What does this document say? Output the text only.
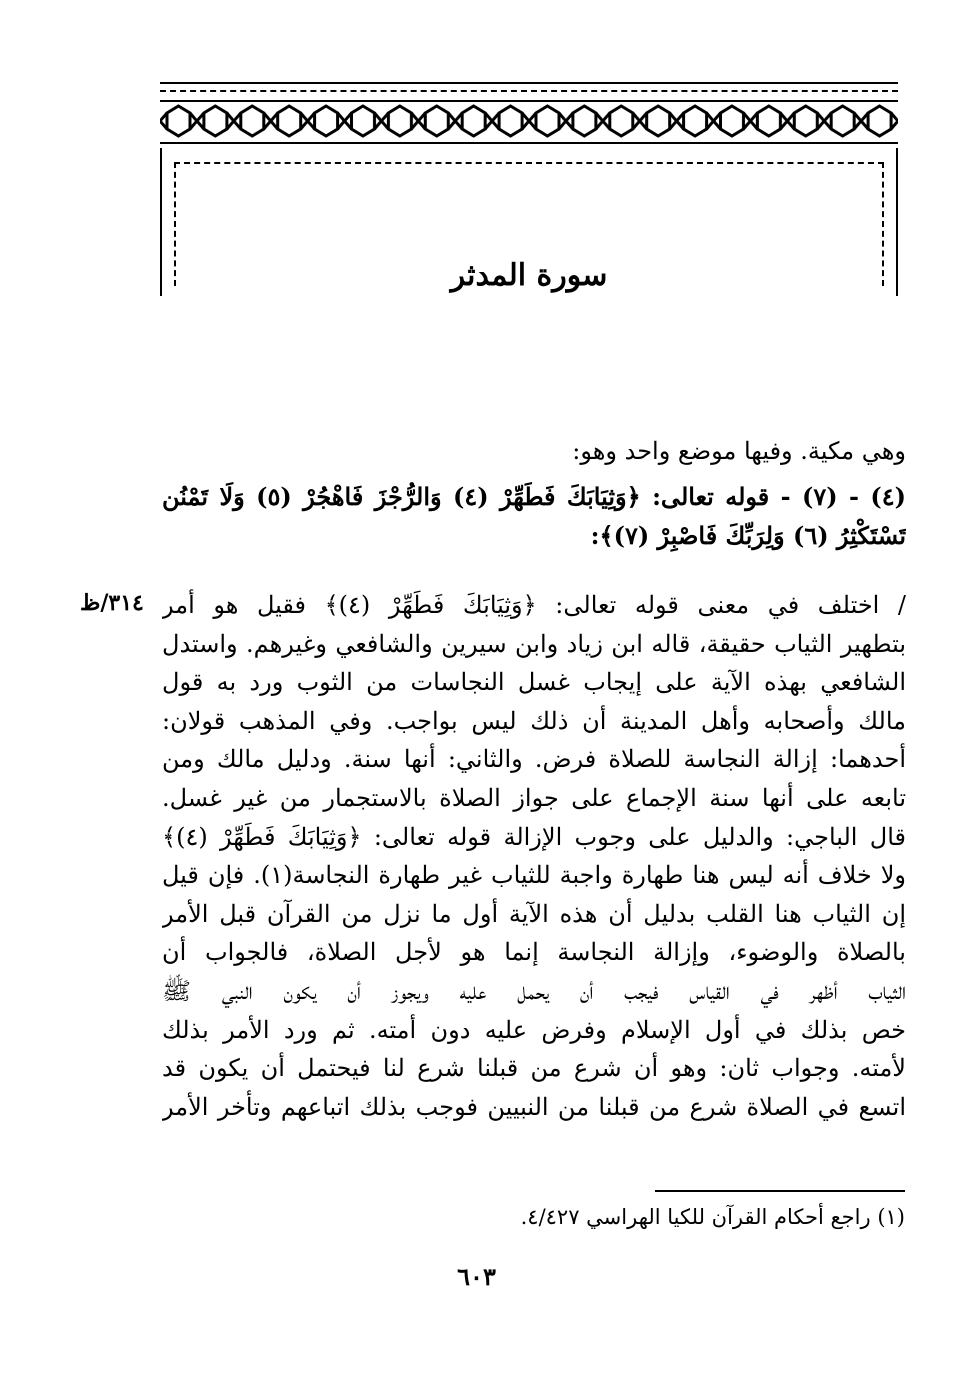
سورة المدثر
وهي مكية. وفيها موضع واحد وهو:
(٤) - (٧) - قوله تعالى: ﴿وَثِيَابَكَ فَطَهِّرْ (٤) وَالرُّجْزَ فَاهْجُرْ (٥) وَلَا تَمْنُن
تَسْتَكْثِرُ (٦) وَلِرَبِّكَ فَاصْبِرْ (٧)﴾:
٣١٤/ظ / اختلف في معنى قوله تعالى: ﴿وَثِيَابَكَ فَطَهِّرْ (٤)﴾ فقيل هو أمر
بتطهير الثياب حقيقة، قاله ابن زياد وابن سيرين والشافعي وغيرهم. واستدل
الشافعي بهذه الآية على إيجاب غسل النجاسات من الثوب ورد به قول
مالك وأصحابه وأهل المدينة أن ذلك ليس بواجب. وفي المذهب قولان:
أحدهما: إزالة النجاسة للصلاة فرض. والثاني: أنها سنة. ودليل مالك ومن
تابعه على أنها سنة الإجماع على جواز الصلاة بالاستجمار من غير غسل.
قال الباجي: والدليل على وجوب الإزالة قوله تعالى: ﴿وَثِيَابَكَ فَطَهِّرْ (٤)﴾
ولا خلاف أنه ليس هنا طهارة واجبة للثياب غير طهارة النجاسة(١). فإن قيل
إن الثياب هنا القلب بدليل أن هذه الآية أول ما نزل من القرآن قبل الأمر
بالصلاة والوضوء، وإزالة النجاسة إنما هو لأجل الصلاة، فالجواب أن
الثياب أظهر في القياس فيجب أن يحمل عليه ويجوز أن يكون النبي ﷺ
خص بذلك في أول الإسلام وفرض عليه دون أمته. ثم ورد الأمر بذلك
لأمته. وجواب ثان: وهو أن شرع من قبلنا شرع لنا فيحتمل أن يكون قد
اتسع في الصلاة شرع من قبلنا من النبيين فوجب بذلك اتباعهم وتأخر الأمر
(١) راجع أحكام القرآن للكيا الهراسي ٤/٤٢٧.
٦٠٣
